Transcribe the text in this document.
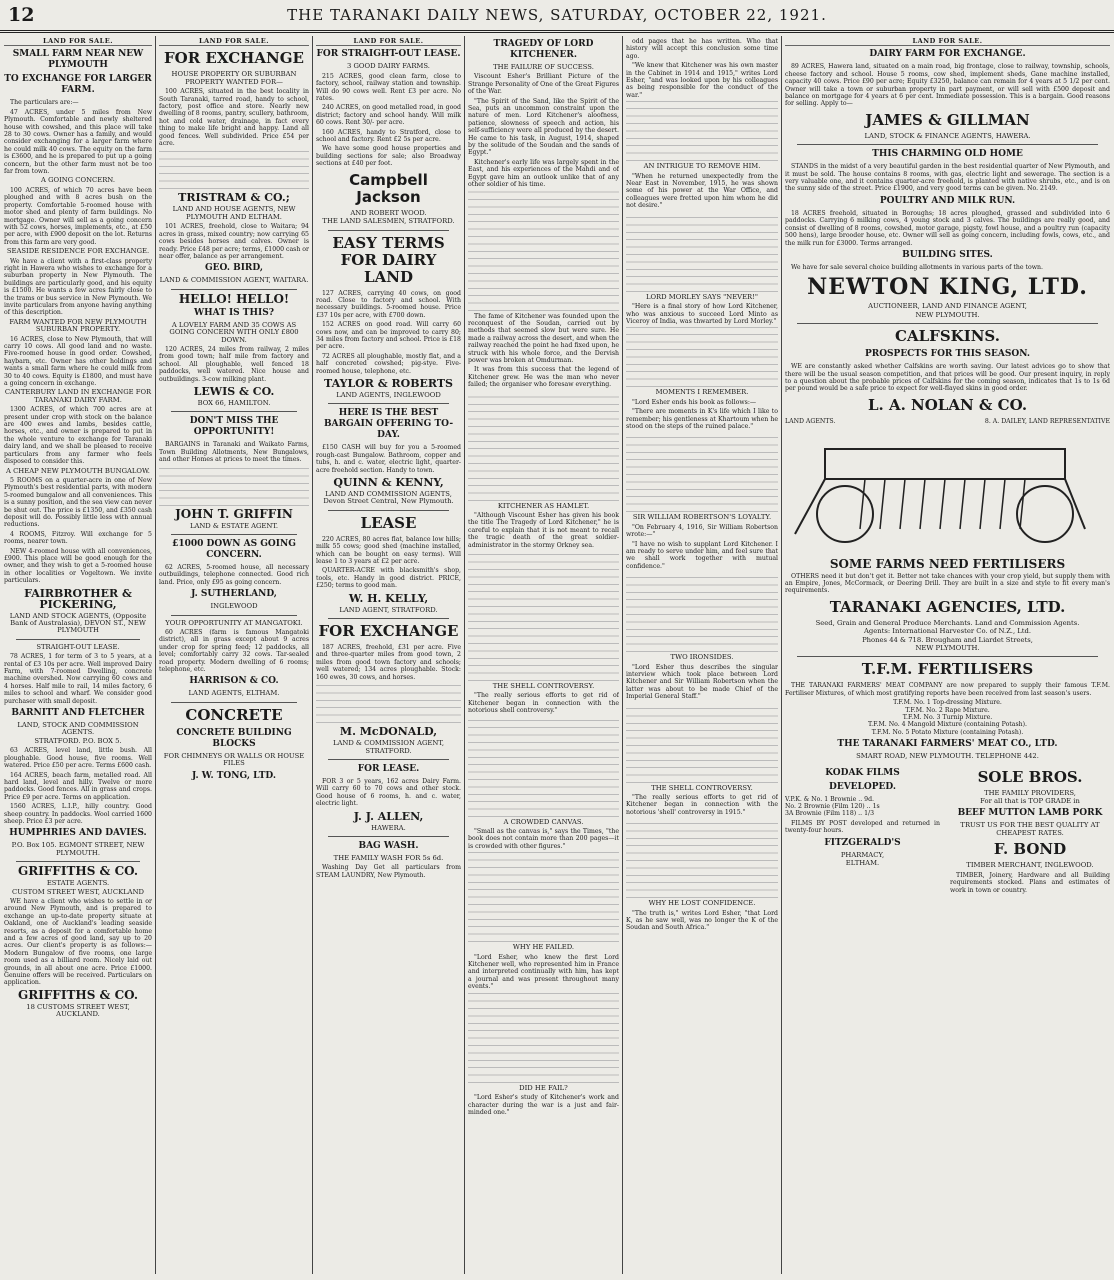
12	THE TARANAKI DAILY NEWS, SATURDAY, OCTOBER 22, 1921.
LAND FOR SALE.
SMALL FARM NEAR NEW PLYMOUTH
TO EXCHANGE FOR LARGER FARM.

The particulars are:—

47 ACRES, under 5 miles from New Plymouth. Comfortable and newly sheltered house with cowshed, and this place will take 28 to 30 cows. Owner has a family, and would consider exchanging for a larger farm where he could milk 40 cows. The equity on the farm is £3600, and he is prepared to put up a going concern, but the other farm must not be too far from town.

A GOING CONCERN.

100 ACRES, of which 70 acres have been ploughed and with 8 acres bush on the property. Comfortable 5-roomed house with motor shed and plenty of farm buildings. No mortgage. Owner will sell as a going concern with 52 cows, horses, implements, etc., at £50 per acre, with £900 deposit on the lot. Returns from this farm are very good.

SEASIDE RESIDENCE FOR EXCHANGE.

We have a client with a first-class property right in Hawera who wishes to exchange for a suburban property in New Plymouth. The buildings are particularly good, and his equity is £1500. He wants a few acres fairly close to the trams or bus service in New Plymouth. We invite particulars from anyone having anything of this description.

FARM WANTED FOR NEW PLYMOUTH SUBURBAN PROPERTY.

16 ACRES, close to New Plymouth, that will carry 10 cows. All good land and no waste. Five-roomed house in good order. Cowshed, haybarn, etc. Owner has other holdings and wants a small farm where he could milk from 30 to 40 cows. Equity is £1800, and must have a going concern in exchange.

CANTERBURY LAND IN EXCHANGE FOR TARANAKI DAIRY FARM.

1300 ACRES, of which 700 acres are at present under crop with stock on the balance are 400 ewes and lambs, besides cattle, horses, etc., and owner is prepared to put in the whole venture to exchange for Taranaki dairy land, and we shall be pleased to receive particulars from any farmer who feels disposed to consider this.

A CHEAP NEW PLYMOUTH BUNGALOW.

5 ROOMS on a quarter-acre in one of New Plymouth's best residential parts, with modern 5-roomed bungalow and all conveniences. This is a sunny position, and the sea view can never be shut out. The price is £1350, and £350 cash deposit will do. Possibly little less with annual reductions.

4 ROOMS, Fitzroy. Will exchange for 5 rooms, nearer town.

NEW 4-roomed house with all conveniences, £900. This place will be good enough for the owner, and they wish to get a 5-roomed house in other localities or Vogeltown. We invite particulars.

FAIRBROTHER & PICKERING,
LAND AND STOCK AGENTS, (Opposite Bank of Australasia), DEVON ST., NEW PLYMOUTH
STRAIGHT-OUT LEASE.

78 ACRES, 1 for term of 3 to 5 years, at a rental of £3 10s per acre. Well improved Dairy Farm, with 7-roomed Dwelling, concrete machine overshed. Now carrying 60 cows and 4 horses. Half mile to rail, 14 miles factory, 6 miles to school and wharf. We consider good purchaser with small deposit.

BARNITT AND FLETCHER
LAND, STOCK AND COMMISSION AGENTS.
STRATFORD. P.O. BOX 5.

63 ACRES, level land, little bush. All ploughable. Good house, five rooms. Well watered. Price £50 per acre. Terms £600 cash.

164 ACRES, beach farm, metalled road. All hard land, level and hilly. Twelve or more paddocks. Good fences. All in grass and crops. Price £9 per acre. Terms on application.

1560 ACRES, L.I.P., hilly country. Good sheep country. In paddocks. Wool carried 1600 sheep. Price £3 per acre.

HUMPHRIES AND DAVIES.
P.O. Box 105. EGMONT STREET, NEW PLYMOUTH.
GRIFFITHS & CO.
ESTATE AGENTS.
CUSTOM STREET WEST, AUCKLAND

WE have a client who wishes to settle in or around New Plymouth, and is prepared to exchange an up-to-date property situate at Oakland, one of Auckland's leading seaside resorts, as a deposit for a comfortable home and a few acres of good land, say up to 20 acres. Our client's property is as follows:—Modern Bungalow of five rooms, one large room used as a billiard room. Nicely laid out grounds, in all about one acre. Price £1000. Genuine offers will be received. Particulars on application.

GRIFFITHS & CO.
18 CUSTOMS STREET WEST, AUCKLAND.
LAND FOR SALE.
FOR EXCHANGE
HOUSE PROPERTY OR SUBURBAN PROPERTY WANTED FOR—

100 ACRES, situated in the best locality in South Taranaki, tarred road, handy to school, factory, post office and store. Nearly new dwelling of 8 rooms, pantry, scullery, bathroom, hot and cold water, drainage, in fact every thing to make life bright and happy. Land all good fences. Well subdivided. Price £54 per acre.

TRISTRAM & CO.;
LAND AND HOUSE AGENTS, NEW PLYMOUTH AND ELTHAM.

101 ACRES, freehold, close to Waitara; 94 acres in grass, mixed country; now carrying 65 cows besides horses and calves. Owner is ready. Price £48 per acre; terms, £1000 cash or near offer, balance as per arrangement.

GEO. BIRD,
LAND & COMMISSION AGENT, WAITARA.
HELLO! HELLO!
WHAT IS THIS?
A LOVELY FARM AND 35 COWS AS GOING CONCERN WITH ONLY £800 DOWN.

120 ACRES, 24 miles from railway, 2 miles from good town; half mile from factory and school. All ploughable, well fenced 18 paddocks, well watered. Nice house and outbuildings. 3-cow milking plant.

LEWIS & CO.
BOX 66, HAMILTON.
DON'T MISS THE OPPORTUNITY!

BARGAINS in Taranaki and Waikato Farms, Town Building Allotments, New Bungalows, and other Homes at prices to meet the times.

JOHN T. GRIFFIN
LAND & ESTATE AGENT.
£1000 DOWN AS GOING CONCERN.

62 ACRES, 5-roomed house, all necessary outbuildings, telephone connected. Good rich land. Price, only £95 as going concern.

J. SUTHERLAND,
INGLEWOOD
YOUR OPPORTUNITY AT MANGATOKI.

60 ACRES (farm is famous Mangatoki district), all in grass except about 9 acres under crop for spring feed; 12 paddocks, all level; comfortably carry 32 cows. Tar-sealed road property. Modern dwelling of 6 rooms; telephone, etc.

HARRISON & CO.
LAND AGENTS, ELTHAM.
CONCRETE
CONCRETE BUILDING BLOCKS
FOR CHIMNEYS OR WALLS OR HOUSE FILES
J. W. TONG, LTD.
LAND FOR SALE.
FOR STRAIGHT-OUT LEASE.
3 GOOD DAIRY FARMS.

215 ACRES, good clean farm, close to factory, school, railway station and township. Will do 90 cows well. Rent £3 per acre. No rates.

240 ACRES, on good metalled road, in good district; factory and school handy. Will milk 60 cows. Rent 30/- per acre.

160 ACRES, handy to Stratford, close to school and factory. Rent £2 5s per acre.

We have some good house properties and building sections for sale; also Broadway sections at £40 per foot.

Campbell Jackson
AND ROBERT WOOD.
THE LAND SALESMEN, STRATFORD.
EASY TERMS FOR DAIRY LAND

127 ACRES, carrying 40 cows, on good road. Close to factory and school. With necessary buildings. 5-roomed house. Price £37 10s per acre, with £700 down.

152 ACRES on good road. Will carry 60 cows now, and can be improved to carry 80; 34 miles from factory and school. Price is £18 per acre.

72 ACRES all ploughable, mostly flat, and a half concreted cowshed; pig-stye. Five-roomed house, telephone, etc.

TAYLOR & ROBERTS
LAND AGENTS, INGLEWOOD
HERE IS THE BEST BARGAIN OFFERING TO-DAY.

£150 CASH will buy for you a 5-roomed rough-cast Bungalow. Bathroom, copper and tubs, h. and c. water, electric light, quarter-acre freehold section. Handy to town.

QUINN & KENNY,
LAND AND COMMISSION AGENTS, Devon Street Central, New Plymouth.
LEASE

220 ACRES, 80 acres flat, balance low hills; milk 55 cows; good shed (machine installed, which can be bought on easy terms). Will lease 1 to 3 years at £2 per acre.

QUARTER-ACRE with blacksmith's shop, tools, etc. Handy in good district. PRICE, £250; terms to good man.

W. H. KELLY,
LAND AGENT, STRATFORD.
FOR EXCHANGE

187 ACRES, freehold, £31 per acre. Five and three-quarter miles from good town, 2 miles from good town factory and schools; well watered; 134 acres ploughable. Stock: 160 ewes, 30 cows, and horses.

M. McDONALD,
LAND & COMMISSION AGENT, STRATFORD.
FOR LEASE.

FOR 3 or 5 years, 162 acres Dairy Farm. Will carry 60 to 70 cows and other stock. Good house of 6 rooms, h. and c. water, electric light.

J. J. ALLEN,
HAWERA.
BAG WASH.
THE FAMILY WASH FOR 5s 6d.

Washing Day Get all particulars from STEAM LAUNDRY, New Plymouth.

TRAGEDY OF LORD KITCHENER.
THE FAILURE OF SUCCESS.

Viscount Esher's Brilliant Picture of the Strange Personality of One of the Great Figures of the War.

"The Spirit of the Sand, like the Spirit of the Sea, puts an uncommon constraint upon the nature of men. Lord Kitchener's aloofness, patience, slowness of speech and action, his self-sufficiency were all produced by the desert. He came to his task, in August, 1914, shaped by the solitude of the Soudan and the sands of Egypt."

Kitchener's early life was largely spent in the East, and his experiences of the Mahdi and of Egypt gave him an outlook unlike that of any other soldier of his time.

The fame of Kitchener was founded upon the reconquest of the Soudan, carried out by methods that seemed slow but were sure. He made a railway across the desert, and when the railway reached the point he had fixed upon, he struck with his whole force, and the Dervish power was broken at Omdurman.

It was from this success that the legend of Kitchener grew. He was the man who never failed; the organiser who foresaw everything.

KITCHENER AS HAMLET.

"Although Viscount Esher has given his book the title The Tragedy of Lord Kitchener," he is careful to explain that it is not meant to recall the tragic death of the great soldier-administrator in the stormy Orkney sea.

THE SHELL CONTROVERSY.

"The really serious efforts to get rid of Kitchener began in connection with the notorious shell controversy."

A CROWDED CANVAS.

"Small as the canvas is," says the Times, "the book does not contain more than 200 pages—it is crowded with other figures."

WHY HE FAILED.

"Lord Esher, who knew the first Lord Kitchener well, who represented him in France and interpreted continually with him, has kept a journal and was present throughout many events."

DID HE FAIL?

"Lord Esher's study of Kitchener's work and character during the war is a just and fair-minded one."

odd pages that he has written. Who that history will accept this conclusion some time ago.

"We knew that Kitchener was his own master in the Cabinet in 1914 and 1915," writes Lord Esher, "and was looked upon by his colleagues as being responsible for the conduct of the war."

AN INTRIGUE TO REMOVE HIM.

"When he returned unexpectedly from the Near East in November, 1915, he was shown some of his power at the War Office, and colleagues were fretted upon him whom he did not desire."

LORD MORLEY SAYS "NEVER!"

"Here is a final story of how Lord Kitchener, who was anxious to succeed Lord Minto as Viceroy of India, was thwarted by Lord Morley."

MOMENTS I REMEMBER.

"Lord Esher ends his book as follows:—

"There are moments in K's life which I like to remember; his gentleness at Khartoum when he stood on the steps of the ruined palace."

SIR WILLIAM ROBERTSON'S LOYALTY.

"On February 4, 1916, Sir William Robertson wrote:—"

"I have no wish to supplant Lord Kitchener. I am ready to serve under him, and feel sure that we shall work together with mutual confidence."

TWO IRONSIDES.

"Lord Esher thus describes the singular interview which took place between Lord Kitchener and Sir William Robertson when the latter was about to be made Chief of the Imperial General Staff."

THE SHELL CONTROVERSY.

"The really serious efforts to get rid of Kitchener began in connection with the notorious 'shell' controversy in 1915."

WHY HE LOST CONFIDENCE.

"The truth is," writes Lord Esher, "that Lord K, as he saw well, was no longer the K of the Soudan and South Africa."

LAND FOR SALE.
DAIRY FARM FOR EXCHANGE.

89 ACRES, Hawera land, situated on a main road, big frontage, close to railway, township, schools, cheese factory and school. House 5 rooms, cow shed, implement sheds, Gane machine installed, capacity 40 cows. Price £90 per acre; Equity £3250, balance can remain for 4 years at 5 1/2 per cent. Owner will take a town or suburban property in part payment, or will sell with £500 deposit and balance on mortgage for 4 years at 6 per cent. Immediate possession. This is a bargain. Good reasons for selling. Apply to—

JAMES & GILLMAN
LAND, STOCK & FINANCE AGENTS, HAWERA.
THIS CHARMING OLD HOME

STANDS in the midst of a very beautiful garden in the best residential quarter of New Plymouth, and it must be sold. The house contains 8 rooms, with gas, electric light and sewerage. The section is a very valuable one, and it contains quarter-acre freehold, is planted with native shrubs, etc., and is on the sunny side of the street. Price £1900, and very good terms can be given. No. 2149.

POULTRY AND MILK RUN.

18 ACRES freehold, situated in Boroughs; 18 acres ploughed, grassed and subdivided into 6 paddocks. Carrying 6 milking cows, 4 young stock and 3 calves. The buildings are really good, and consist of dwelling of 8 rooms, cowshed, motor garage, pigsty, fowl house, and a poultry run (capacity 500 hens), large brooder house, etc. Owner will sell as going concern, including fowls, cows, etc., and the milk run for £3000. Terms arranged.

BUILDING SITES.

We have for sale several choice building allotments in various parts of the town.

NEWTON KING, LTD.
AUCTIONEER, LAND AND FINANCE AGENT,
NEW PLYMOUTH.
CALFSKINS.
PROSPECTS FOR THIS SEASON.

WE are constantly asked whether Calfskins are worth saving. Our latest advices go to show that there will be the usual season competition, and that prices will be good. Our present inquiry, in reply to a question about the probable prices of Calfskins for the coming season, indicates that 1s to 1s 6d per pound would be a safe price to expect for well-flayed skins in good order.

L. A. NOLAN & CO.
LAND AGENTS.	8. A. DAILEY, LAND REPRESENTATIVE
SOME FARMS NEED FERTILISERS

OTHERS need it but don't get it. Better not take chances with your crop yield, but supply them with an Empire, Jones, McCormack, or Deering Drill. They are built in a size and style to fit every man's requirements.

TARANAKI AGENCIES, LTD.
Seed, Grain and General Produce Merchants. Land and Commission Agents.
Agents: International Harvester Co. of N.Z., Ltd.
Phones 44 & 718. Brougham and Liardet Streets,
NEW PLYMOUTH.
T.F.M. FERTILISERS

THE TARANAKI FARMERS' MEAT COMPANY are now prepared to supply their famous T.F.M. Fertiliser Mixtures, of which most gratifying reports have been received from last season's users.

T.F.M. No. 1 Top-dressing Mixture.
T.F.M. No. 2 Rape Mixture.
T.F.M. No. 3 Turnip Mixture.
T.F.M. No. 4 Mangold Mixture (containing Potash).
T.F.M. No. 5 Potato Mixture (containing Potash).
THE TARANAKI FARMERS' MEAT CO., LTD.
SMART ROAD, NEW PLYMOUTH. TELEPHONE 442.
KODAK FILMS
DEVELOPED.
V.P.K. & No. 1 Brownie .. 9d.
No. 2 Brownie (Film 120) .. 1s
3A Brownie (Film 118) .. 1/3

FILMS BY POST developed and returned in twenty-four hours.

FITZGERALD'S
PHARMACY,
ELTHAM.
SOLE BROS.
THE FAMILY PROVIDERS,
For all that is TOP GRADE in
BEEF MUTTON LAMB PORK
TRUST US FOR THE BEST QUALITY AT CHEAPEST RATES.
F. BOND
TIMBER MERCHANT, INGLEWOOD.

TIMBER, Joinery, Hardware and all Building requirements stocked. Plans and estimates of work in town or country.
